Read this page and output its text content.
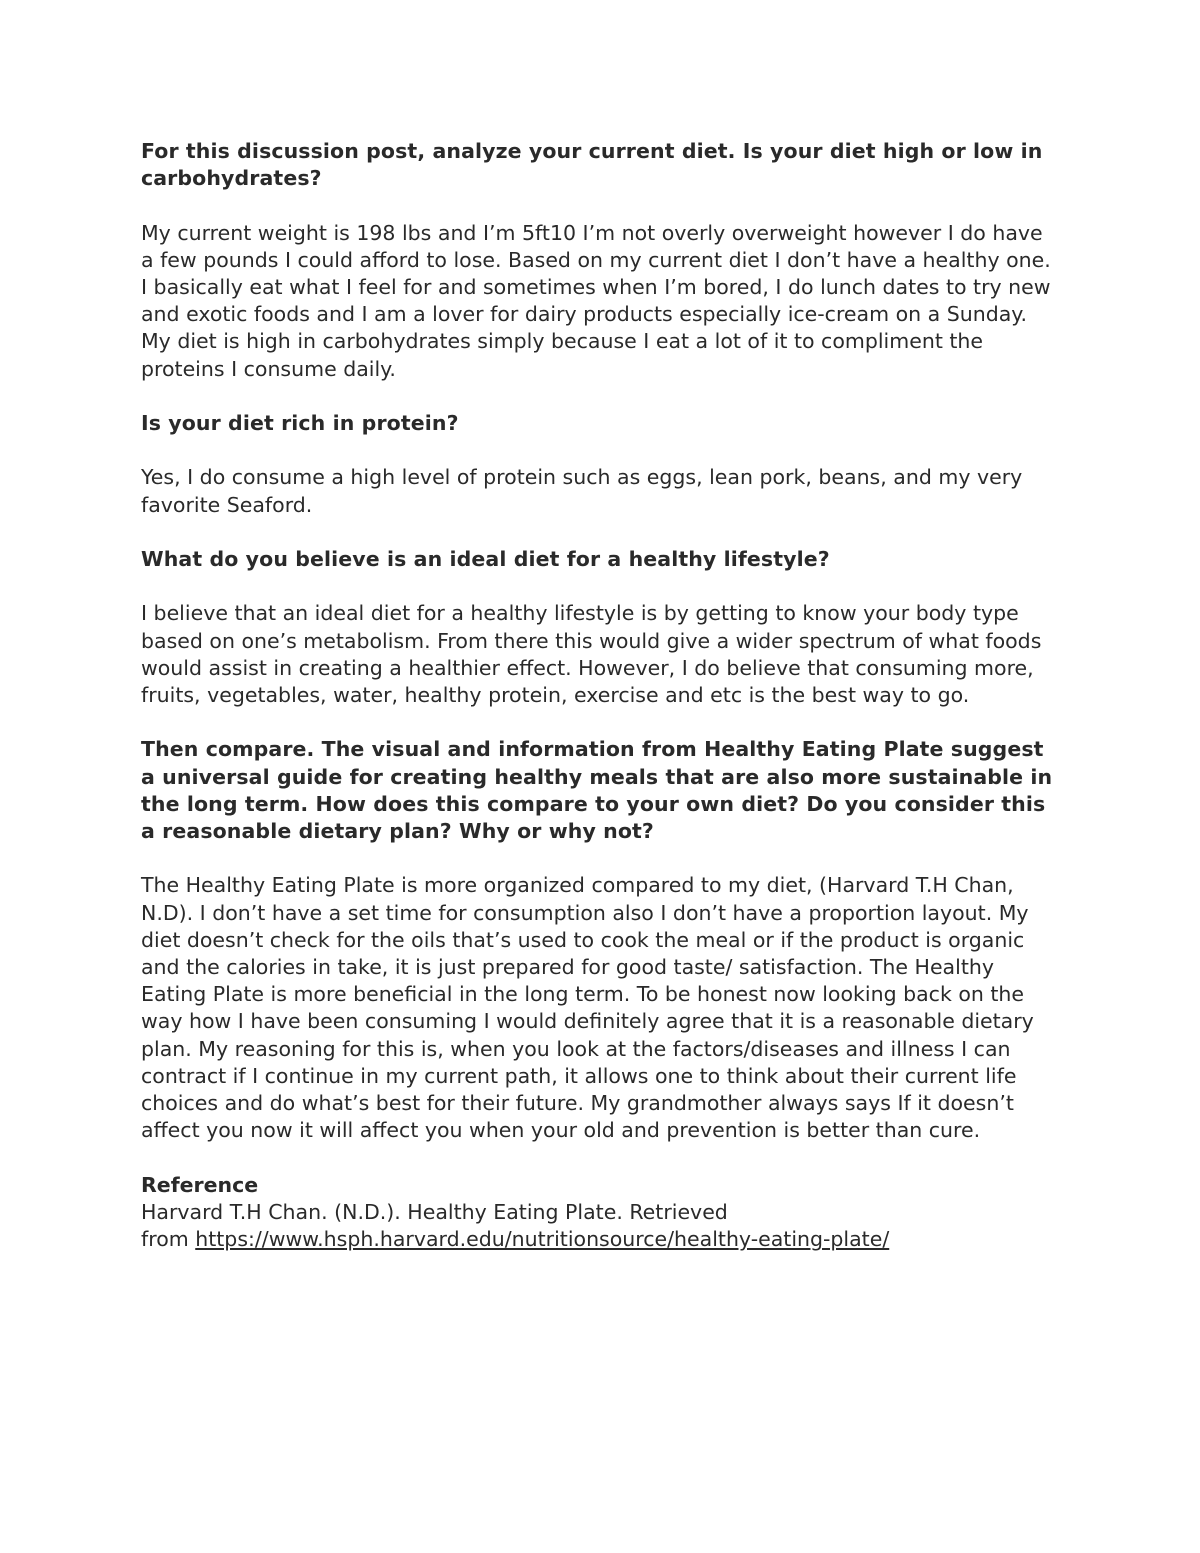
For this discussion post, analyze your current diet. Is your diet high or low in carbohydrates?

My current weight is 198 lbs and I’m 5ft10 I’m not overly overweight however I do have a few pounds I could afford to lose. Based on my current diet I don’t have a healthy one. I basically eat what I feel for and sometimes when I’m bored, I do lunch dates to try new and exotic foods and I am a lover for dairy products especially ice-cream on a Sunday. My diet is high in carbohydrates simply because I eat a lot of it to compliment the proteins I consume daily.

Is your diet rich in protein?

Yes, I do consume a high level of protein such as eggs, lean pork, beans, and my very favorite Seaford.

What do you believe is an ideal diet for a healthy lifestyle?

I believe that an ideal diet for a healthy lifestyle is by getting to know your body type based on one’s metabolism. From there this would give a wider spectrum of what foods would assist in creating a healthier effect. However, I do believe that consuming more, fruits, vegetables, water, healthy protein, exercise and etc is the best way to go.

Then compare. The visual and information from Healthy Eating Plate suggest a universal guide for creating healthy meals that are also more sustainable in the long term. How does this compare to your own diet? Do you consider this a reasonable dietary plan? Why or why not?

The Healthy Eating Plate is more organized compared to my diet, (Harvard T.H Chan, N.D). I don’t have a set time for consumption also I don’t have a proportion layout. My diet doesn’t check for the oils that’s used to cook the meal or if the product is organic and the calories in take, it is just prepared for good taste/ satisfaction. The Healthy Eating Plate is more beneficial in the long term. To be honest now looking back on the way how I have been consuming I would definitely agree that it is a reasonable dietary plan. My reasoning for this is, when you look at the factors/diseases and illness I can contract if I continue in my current path, it allows one to think about their current life choices and do what’s best for their future. My grandmother always says If it doesn’t affect you now it will affect you when your old and prevention is better than cure.

Reference

Harvard T.H Chan. (N.D.). Healthy Eating Plate. Retrieved

from https://www.hsph.harvard.edu/nutritionsource/healthy-eating-plate/
